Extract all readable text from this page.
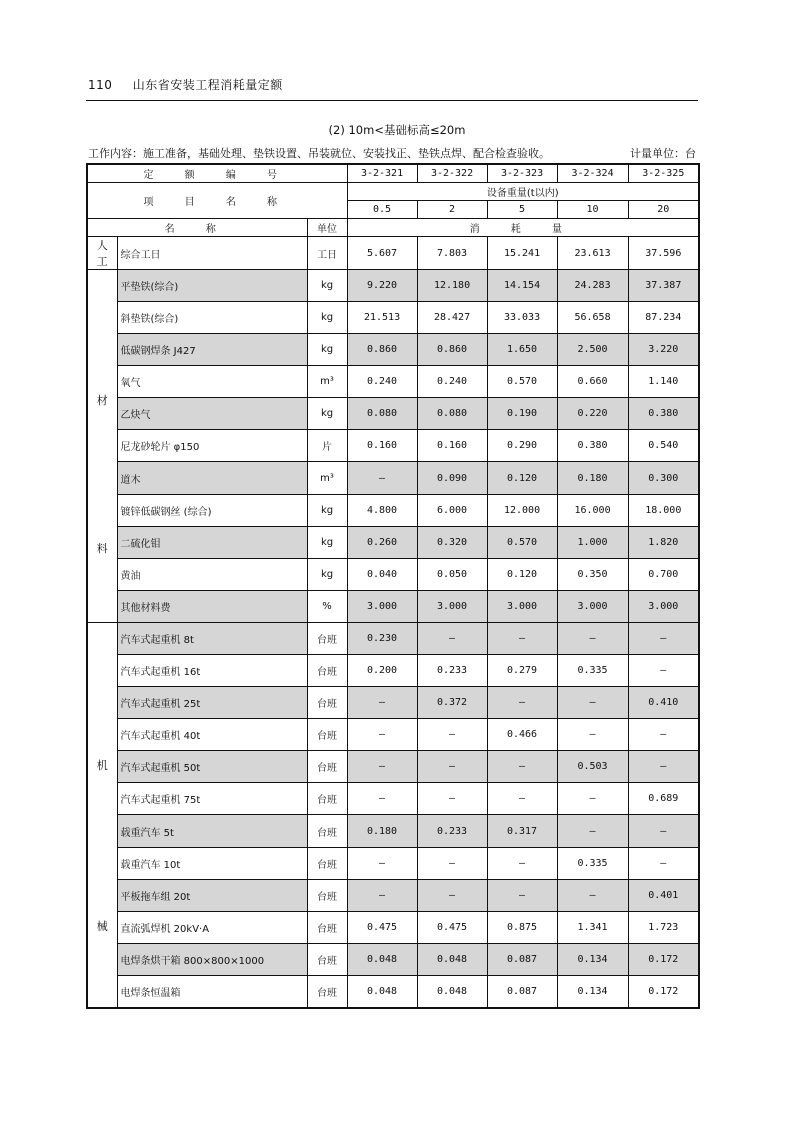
110 山东省安装工程消耗量定额
(2) 10m<基础标高≤20m
工作内容：施工准备，基础处理、垫铁设置、吊装就位、安装找正、垫铁点焊、配合检查验收。	计量单位：台
定 额 编 号			3-2-321	3-2-322	3-2-323	3-2-324	3-2-325
项 目 名 称			设备重量(t以内)				
			0.5	2	5	10	20
名 称		单位	消 耗 量				

人
工	综合工日	工日	5.607	7.803	15.241	23.613	37.596

材
料	平垫铁(综合)	kg	9.220	12.180	14.154	24.283	37.387
	斜垫铁(综合)	kg	21.513	28.427	33.033	56.658	87.234
	低碳钢焊条 J427	kg	0.860	0.860	1.650	2.500	3.220
	氧气	m³	0.240	0.240	0.570	0.660	1.140
	乙炔气	kg	0.080	0.080	0.190	0.220	0.380
	尼龙砂轮片 φ150	片	0.160	0.160	0.290	0.380	0.540
	道木	m³	—	0.090	0.120	0.180	0.300
	镀锌低碳钢丝 (综合)	kg	4.800	6.000	12.000	16.000	18.000
	二硫化钼	kg	0.260	0.320	0.570	1.000	1.820
	黄油	kg	0.040	0.050	0.120	0.350	0.700
	其他材料费	%	3.000	3.000	3.000	3.000	3.000

机
械	汽车式起重机 8t	台班	0.230	—	—	—	—
	汽车式起重机 16t	台班	0.200	0.233	0.279	0.335	—
	汽车式起重机 25t	台班	—	0.372	—	—	0.410
	汽车式起重机 40t	台班	—	—	0.466	—	—
	汽车式起重机 50t	台班	—	—	—	0.503	—
	汽车式起重机 75t	台班	—	—	—	—	0.689
	载重汽车 5t	台班	0.180	0.233	0.317	—	—
	载重汽车 10t	台班	—	—	—	0.335	—
	平板拖车组 20t	台班	—	—	—	—	0.401
	直流弧焊机 20kV·A	台班	0.475	0.475	0.875	1.341	1.723
	电焊条烘干箱 800×800×1000	台班	0.048	0.048	0.087	0.134	0.172
	电焊条恒温箱	台班	0.048	0.048	0.087	0.134	0.172
